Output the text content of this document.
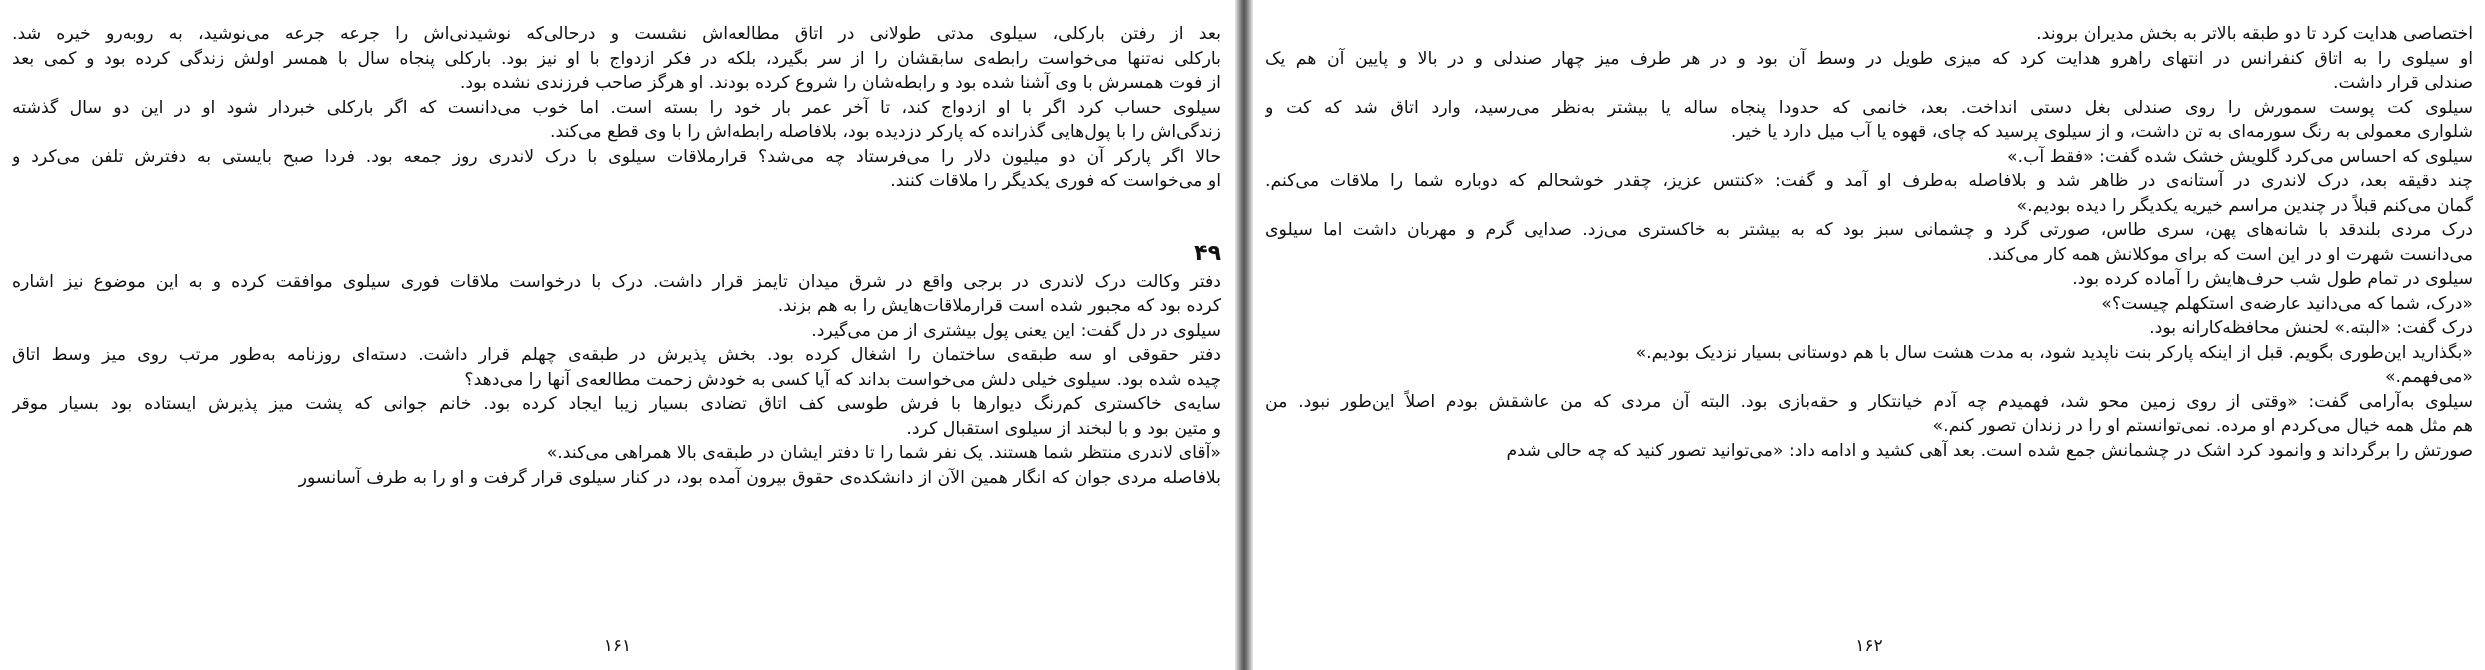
بعد از رفتن بارکلی، سیلوی مدتی طولانی در اتاق مطالعه‌اش نشست و درحالی‌که نوشیدنی‌اش را جرعه جرعه می‌نوشید، به روبه‌رو خیره شد.
بارکلی نه‌تنها می‌خواست رابطه‌ی سابقشان را از سر بگیرد، بلکه در فکر ازدواج با او نیز بود. بارکلی پنجاه سال با همسر اولش زندگی کرده بود و کمی بعد
از فوت همسرش با وی آشنا شده بود و رابطه‌شان را شروع کرده بودند. او هرگز صاحب فرزندی نشده بود.
سیلوی حساب کرد اگر با او ازدواج کند، تا آخر عمر بار خود را بسته است. اما خوب می‌دانست که اگر بارکلی خبردار شود او در این دو سال گذشته
زندگی‌اش را با پول‌هایی گذرانده که پارکر دزدیده بود، بلافاصله رابطه‌اش را با وی قطع می‌کند.
حالا اگر پارکر آن دو میلیون دلار را می‌فرستاد چه می‌شد؟ قرارملاقات سیلوی با درک لاندری روز جمعه بود. فردا صبح بایستی به دفترش تلفن می‌کرد و
او می‌خواست که فوری یکدیگر را ملاقات کنند.
۴۹
دفتر وکالت درک لاندری در برجی واقع در شرق میدان تایمز قرار داشت. درک با درخواست ملاقات فوری سیلوی موافقت کرده و به این موضوع نیز اشاره
کرده بود که مجبور شده است قرارملاقات‌هایش را به هم بزند.
سیلوی در دل گفت: این یعنی پول بیشتری از من می‌گیرد.
دفتر حقوقی او سه طبقه‌ی ساختمان را اشغال کرده بود. بخش پذیرش در طبقه‌ی چهلم قرار داشت. دسته‌ای روزنامه به‌طور مرتب روی میز وسط اتاق
چیده شده بود. سیلوی خیلی دلش می‌خواست بداند که آیا کسی به خودش زحمت مطالعه‌ی آنها را می‌دهد؟
سایه‌ی خاکستری کم‌رنگ دیوارها با فرش طوسی کف اتاق تضادی بسیار زیبا ایجاد کرده بود. خانم جوانی که پشت میز پذیرش ایستاده بود بسیار موقر
و متین بود و با لبخند از سیلوی استقبال کرد.
«آقای لاندری منتظر شما هستند. یک نفر شما را تا دفتر ایشان در طبقه‌ی بالا همراهی می‌کند.»
بلافاصله مردی جوان که انگار همین الآن از دانشکده‌ی حقوق بیرون آمده بود، در کنار سیلوی قرار گرفت و او را به طرف آسانسور
۱۶۱
اختصاصی هدایت کرد تا دو طبقه بالاتر به بخش مدیران بروند.
او سیلوی را به اتاق کنفرانس در انتهای راهرو هدایت کرد که میزی طویل در وسط آن بود و در هر طرف میز چهار صندلی و در بالا و پایین آن هم یک
صندلی قرار داشت.
سیلوی کت پوست سمورش را روی صندلی بغل دستی انداخت. بعد، خانمی که حدودا پنجاه ساله یا بیشتر به‌نظر می‌رسید، وارد اتاق شد که کت و
شلواری معمولی به رنگ سورمه‌ای به تن داشت، و از سیلوی پرسید که چای، قهوه یا آب میل دارد یا خیر.
سیلوی که احساس می‌کرد گلویش خشک شده گفت: «فقط آب.»
چند دقیقه بعد، درک لاندری در آستانه‌ی در ظاهر شد و بلافاصله به‌طرف او آمد و گفت: «کنتس عزیز، چقدر خوشحالم که دوباره شما را ملاقات می‌کنم.
گمان می‌کنم قبلاً در چندین مراسم خیریه یکدیگر را دیده بودیم.»
درک مردی بلندقد با شانه‌های پهن، سری طاس، صورتی گرد و چشمانی سبز بود که به بیشتر به خاکستری می‌زد. صدایی گرم و مهربان داشت اما سیلوی
می‌دانست شهرت او در این است که برای موکلانش همه کار می‌کند.
سیلوی در تمام طول شب حرف‌هایش را آماده کرده بود.
«درک، شما که می‌دانید عارضه‌ی استکهلم چیست؟»
درک گفت: «البته.» لحنش محافظه‌کارانه بود.
«بگذارید این‌طوری بگویم. قبل از اینکه پارکر بنت ناپدید شود، به مدت هشت سال با هم دوستانی بسیار نزدیک بودیم.»
«می‌فهمم.»
سیلوی به‌آرامی گفت: «وقتی از روی زمین محو شد، فهمیدم چه آدم خیانتکار و حقه‌بازی بود. البته آن مردی که من عاشقش بودم اصلاً این‌طور نبود. من
هم مثل همه خیال می‌کردم او مرده. نمی‌توانستم او را در زندان تصور کنم.»
صورتش را برگرداند و وانمود کرد اشک در چشمانش جمع شده است. بعد آهی کشید و ادامه داد: «می‌توانید تصور کنید که چه حالی شدم
۱۶۲
